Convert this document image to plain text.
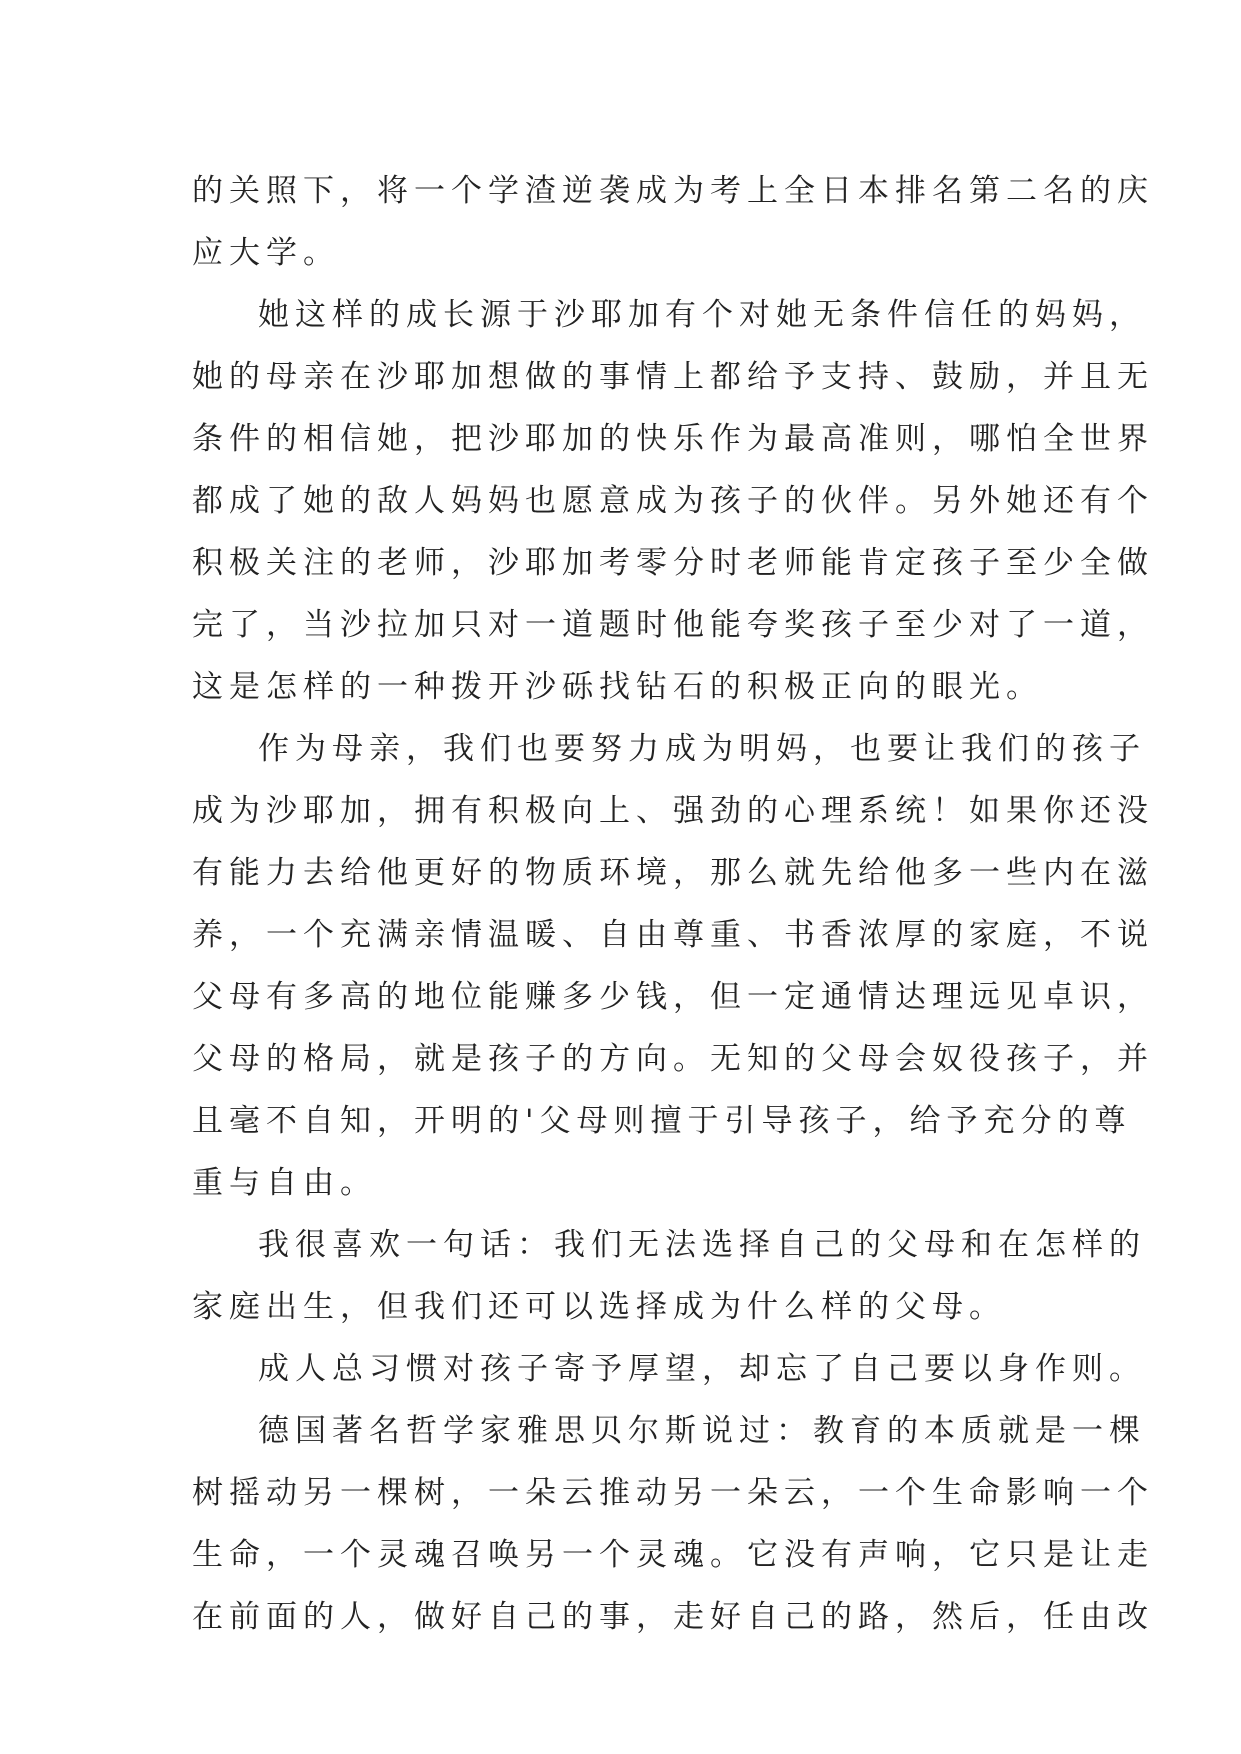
的关照下，将一个学渣逆袭成为考上全日本排名第二名的庆
应大学。
她这样的成长源于沙耶加有个对她无条件信任的妈妈，
她的母亲在沙耶加想做的事情上都给予支持、鼓励，并且无
条件的相信她，把沙耶加的快乐作为最高准则，哪怕全世界
都成了她的敌人妈妈也愿意成为孩子的伙伴。另外她还有个
积极关注的老师，沙耶加考零分时老师能肯定孩子至少全做
完了，当沙拉加只对一道题时他能夸奖孩子至少对了一道，
这是怎样的一种拨开沙砾找钻石的积极正向的眼光。
作为母亲，我们也要努力成为明妈，也要让我们的孩子
成为沙耶加，拥有积极向上、强劲的心理系统！如果你还没
有能力去给他更好的物质环境，那么就先给他多一些内在滋
养，一个充满亲情温暖、自由尊重、书香浓厚的家庭，不说
父母有多高的地位能赚多少钱，但一定通情达理远见卓识，
父母的格局，就是孩子的方向。无知的父母会奴役孩子，并
且毫不自知，开明的'父母则擅于引导孩子，给予充分的尊
重与自由。
我很喜欢一句话：我们无法选择自己的父母和在怎样的
家庭出生，但我们还可以选择成为什么样的父母。
成人总习惯对孩子寄予厚望，却忘了自己要以身作则。
德国著名哲学家雅思贝尔斯说过：教育的本质就是一棵
树摇动另一棵树，一朵云推动另一朵云，一个生命影响一个
生命，一个灵魂召唤另一个灵魂。它没有声响，它只是让走
在前面的人，做好自己的事，走好自己的路，然后，任由改
